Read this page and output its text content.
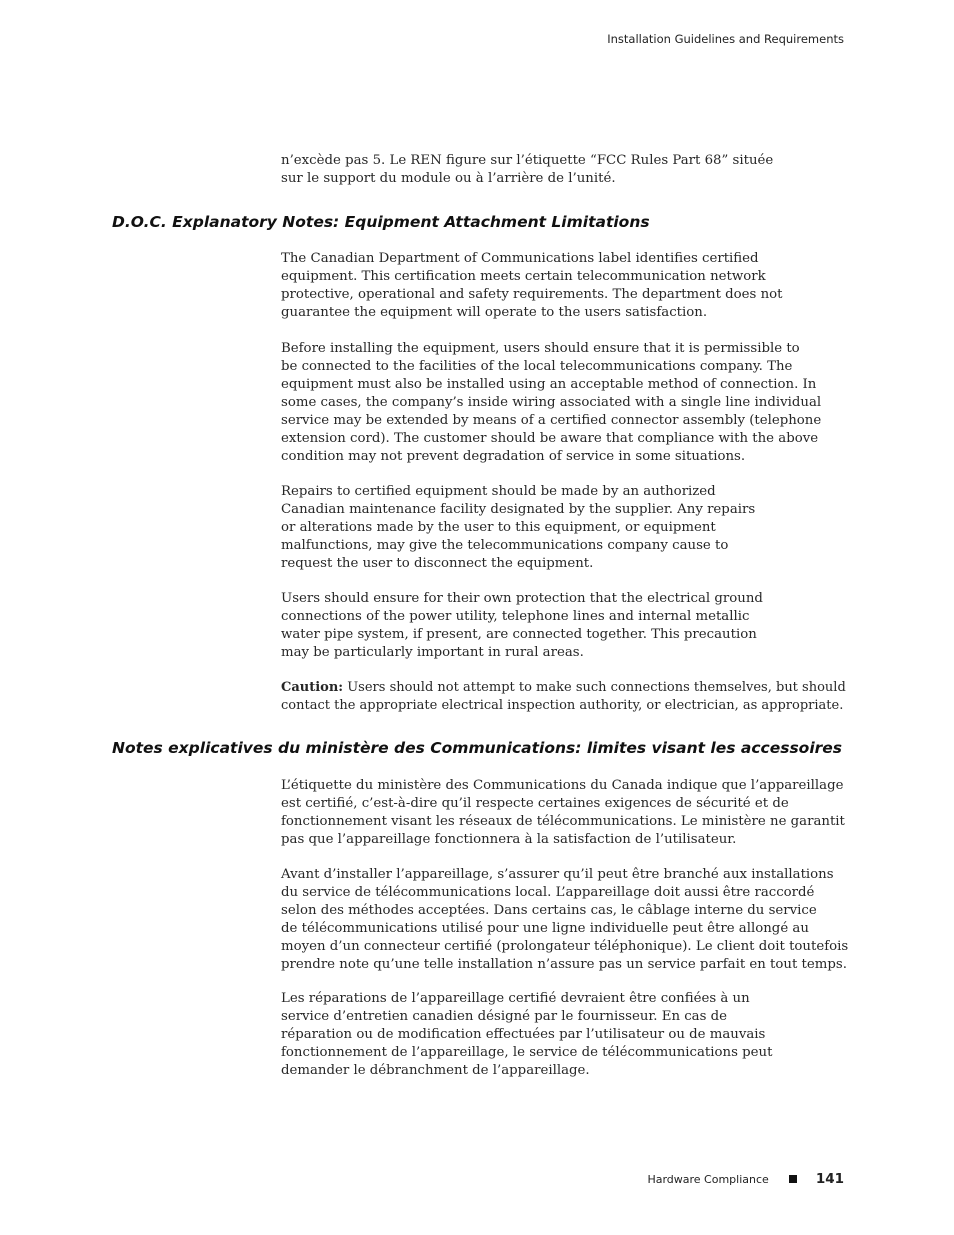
Installation Guidelines and Requirements
n’excède pas 5. Le REN figure sur l’étiquette “FCC Rules Part 68” située
sur le support du module ou à l’arrière de l’unité.
D.O.C. Explanatory Notes: Equipment Attachment Limitations
The Canadian Department of Communications label identifies certified
equipment. This certification meets certain telecommunication network
protective, operational and safety requirements. The department does not
guarantee the equipment will operate to the users satisfaction.
Before installing the equipment, users should ensure that it is permissible to
be connected to the facilities of the local telecommunications company. The
equipment must also be installed using an acceptable method of connection. In
some cases, the company’s inside wiring associated with a single line individual
service may be extended by means of a certified connector assembly (telephone
extension cord). The customer should be aware that compliance with the above
condition may not prevent degradation of service in some situations.
Repairs to certified equipment should be made by an authorized
Canadian maintenance facility designated by the supplier. Any repairs
or alterations made by the user to this equipment, or equipment
malfunctions, may give the telecommunications company cause to
request the user to disconnect the equipment.
Users should ensure for their own protection that the electrical ground
connections of the power utility, telephone lines and internal metallic
water pipe system, if present, are connected together. This precaution
may be particularly important in rural areas.
Caution: Users should not attempt to make such connections themselves, but should
contact the appropriate electrical inspection authority, or electrician, as appropriate.
Notes explicatives du ministère des Communications: limites visant les accessoires
L’étiquette du ministère des Communications du Canada indique que l’appareillage
est certifié, c’est-à-dire qu’il respecte certaines exigences de sécurité et de
fonctionnement visant les réseaux de télécommunications. Le ministère ne garantit
pas que l’appareillage fonctionnera à la satisfaction de l’utilisateur.
Avant d’installer l’appareillage, s’assurer qu’il peut être branché aux installations
du service de télécommunications local. L’appareillage doit aussi être raccordé
selon des méthodes acceptées. Dans certains cas, le câblage interne du service
de télécommunications utilisé pour une ligne individuelle peut être allongé au
moyen d’un connecteur certifié (prolongateur téléphonique). Le client doit toutefois
prendre note qu’une telle installation n’assure pas un service parfait en tout temps.
Les réparations de l’appareillage certifié devraient être confiées à un
service d’entretien canadien désigné par le fournisseur. En cas de
réparation ou de modification effectuées par l’utilisateur ou de mauvais
fonctionnement de l’appareillage, le service de télécommunications peut
demander le débranchment de l’appareillage.
Hardware Compliance	141
